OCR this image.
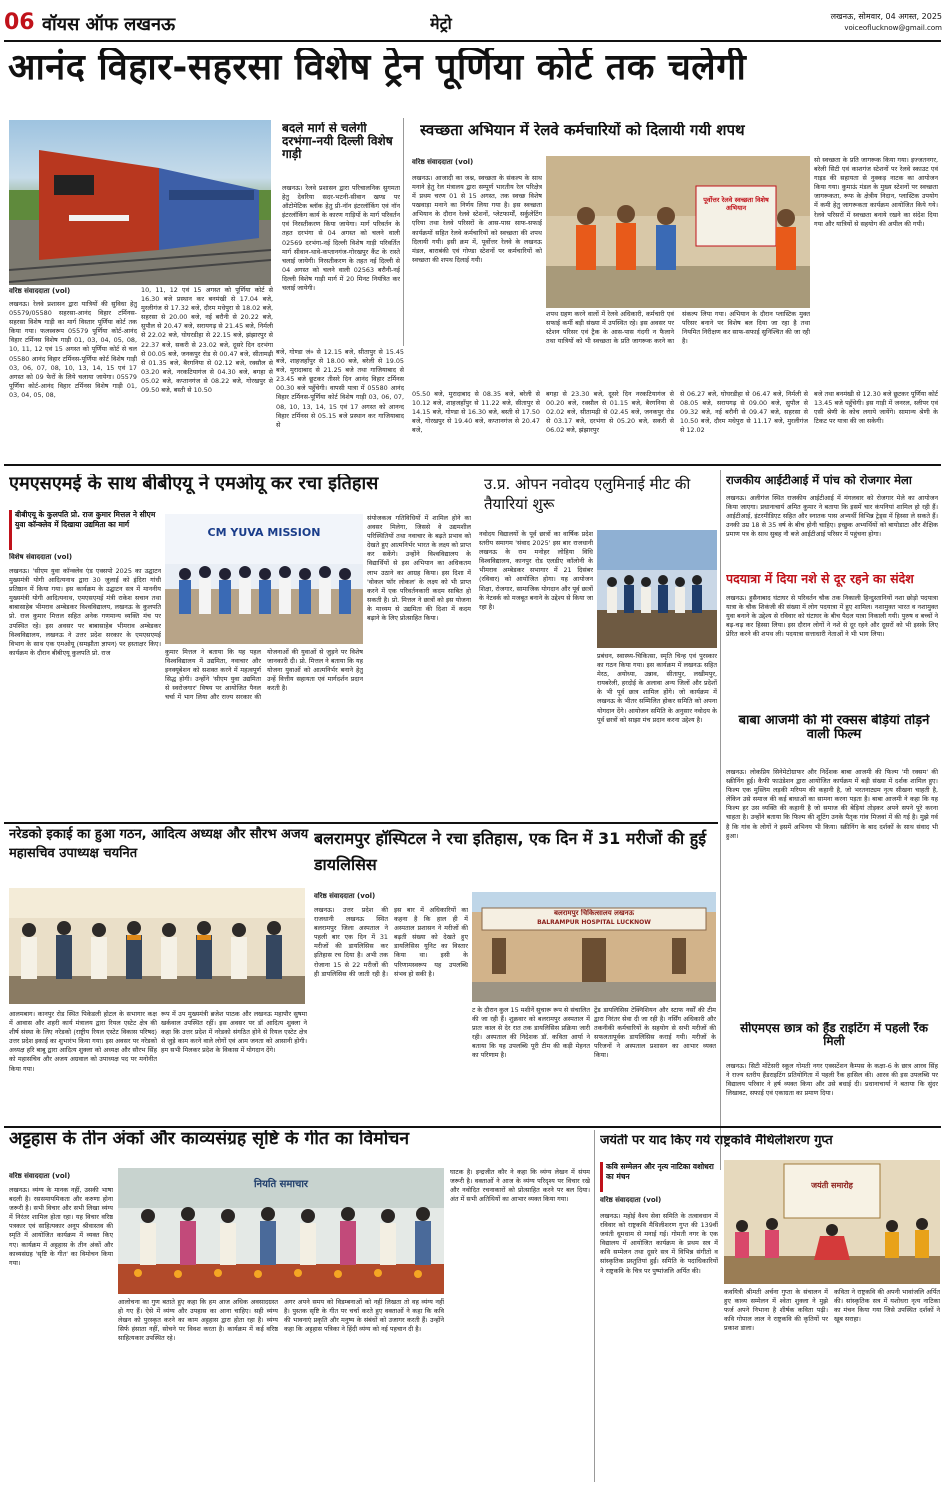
06 वॉयस ऑफ लखनऊ	मेट्रो	लखनऊ, सोमवार, 04 अगस्त, 2025
voiceoflucknow@gmail.com
आनंद विहार-सहरसा विशेष ट्रेन पूर्णिया कोर्ट तक चलेगी
वरिष्ठ संवाददाता (vol)
लखनऊ। रेलवे प्रशासन द्वारा यात्रियों की सुविधा हेतु 05579/05580 सहरसा-आनंद विहार टर्मिनस-सहरसा विशेष गाड़ी का मार्ग विस्तार पूर्णिया कोर्ट तक किया गया। फलस्वरूप 05579 पूर्णिया कोर्ट-आनंद विहार टर्मिनस विशेष गाड़ी 01, 03, 04, 05, 08, 10, 11, 12 एवं 15 अगस्त को पूर्णिया कोर्ट से चल 05580 आनंद विहार टर्मिनस-पूर्णिया कोर्ट विशेष गाड़ी 03, 06, 07, 08, 10, 13, 14, 15 एवं 17 अगस्त को 09 फेरों के लिये चलाया जायेगा। 05579 पूर्णिया कोर्ट-आनंद विहार टर्मिनस विशेष गाड़ी 01, 03, 04, 05, 08,
10, 11, 12 एवं 15 अगस्त को पूर्णिया कोर्ट से 16.30 बजे प्रस्थान कर बनमंखी से 17.04 बजे, मुरलीगंज से 17.32 बजे, दौरम मधेपुरा से 18.02 बजे, सहरसा से 20.00 बजे, नई बरौनी से 20.22 बजे, सुपौल से 20.47 बजे, सरायगढ़ से 21.45 बजे, निर्मली से 22.02 बजे, घोघरडीहा से 22.15 बजे, झंझारपुर से 22.37 बजे, सकरी से 23.02 बजे, दूसरे दिन दरभंगा से 00.05 बजे, जनकपुर रोड से 00.47 बजे, सीतामढ़ी से 01.35 बजे, बैरगनिया से 02.12 बजे, रक्सौल से 03.20 बजे, नरकटियागंज से 04.30 बजे, बगहा से 05.02 बजे, कप्तानगंज से 08.22 बजे, गोरखपुर से 09.50 बजे, बस्ती से 10.50
बदले मार्ग से चलेगी दरभंगा-नयी दिल्ली विशेष गाड़ी
लखनऊ। रेलवे प्रशासन द्वारा परिचालनिक सुगमता हेतु देवरिया सदर-भटनी-सीवान खण्ड पर ऑटोमेटिक ब्लॉक हेतु प्री-नॉन इंटरलॉकिंग एवं नॉन इंटरलॉकिंग कार्य के कारण गाड़ियों के मार्ग परिवर्तन एवं निरस्तीकरण किया जायेगा। मार्ग परिवर्तन के तहत दरभंगा से 04 अगस्त को चलने वाली 02569 दरभंगा-नई दिल्ली विशेष गाड़ी परिवर्तित मार्ग सीवान-थावे-कप्तानगंज-गोरखपुर कैंट के रास्ते चलाई जायेगी। निरस्तीकरण के तहत नई दिल्ली से 04 अगस्त को चलने वाली 02563 बरौनी-नई दिल्ली विशेष गाड़ी मार्ग में 20 मिनट नियंत्रित कर चलाई जायेगी।
बजे, गोण्डा जं० से 12.15 बजे, सीतापुर से 15.45 बजे, शाहजहाँपुर से 18.00 बजे, बरेली से 19.05 बजे, मुरादाबाद से 21.25 बजे तथा गाजियाबाद से 23.45 बजे छूटकर तीसरे दिन आनंद विहार टर्मिनस 00.30 बजे पहुँचेगी। वापसी यात्रा में 05580 आनंद विहार टर्मिनस-पूर्णिया कोर्ट विशेष गाड़ी 03, 06, 07, 08, 10, 13, 14, 15 एवं 17 अगस्त को आनन्द विहार टर्मिनस से 05.15 बजे प्रस्थान कर गाजियाबाद से
स्वच्छता अभियान में रेलवे कर्मचारियों को दिलायी गयी शपथ
वरिष्ठ संवाददाता (vol)
लखनऊ। आजादी का जश्न, स्वच्छता के संकल्प के साथ मनाने हेतु रेल मंत्रालय द्वारा सम्पूर्ण भारतीय रेल परिक्षेत्र में प्रथम चरण 01 से 15 अगस्त, तक स्वच्छ विशेष पखवाड़ा मनाने का निर्णय लिया गया है। इस स्वच्छता अभियान के दौरान रेलवे स्टेशनों, प्लेटफार्मों, सर्कुलेटिंग एरिया तथा रेलवे परिसरों के आस-पास साफ-सफाई कार्यक्रमों सहित रेलवे कर्मचारियों को स्वच्छता की शपथ दिलायी गयी। इसी क्रम में, पूर्वोत्तर रेलवे के लखनऊ मंडल, बाराबंकी एवं गोण्डा स्टेशनों पर कर्मचारियों को स्वच्छता की शपथ दिलाई गयी।
पूर्वोत्तर रेलवे स्वच्छता विशेष अभियान
शपथ ग्रहण करने वालों में रेलवे अधिकारी, कर्मचारी एवं सफाई कर्मी बड़ी संख्या में उपस्थित रहे। इस अवसर पर स्टेशन परिसर एवं ट्रैक के आस-पास गंदगी न फैलाने तथा यात्रियों को भी स्वच्छता के प्रति जागरूक करने का संकल्प लिया गया। अभियान के दौरान प्लास्टिक मुक्त परिसर बनाने पर विशेष बल दिया जा रहा है तथा नियमित निरीक्षण कर साफ-सफाई सुनिश्चित की जा रही है।
सो स्वच्छता के प्रति जागरूक किया गया। इज्जतनगर, बरेली सिटी एवं काशगंज स्टेशनों पर रेलवे स्काउट एवं गाइड की सहायता से नुक्कड़ नाटक का आयोजन किया गया। कुमाऊं मंडल के मुख्य स्टेशनों पर स्वच्छता जागरूकता, रूफ के क्षेत्रीय निदान, प्लास्टिक उपयोग में कमी हेतु जागरूकता कार्यक्रम आयोजित किये गये। रेलवे परिसरों में स्वच्छता बनाये रखने का संदेश दिया गया और यात्रियों से सहयोग की अपील की गयी।
05.50 बजे, मुरादाबाद से 08.35 बजे, बरेली से 10.12 बजे, शाहजहाँपुर से 11.22 बजे, सीतापुर से 14.15 बजे, गोण्डा से 16.30 बजे, बस्ती से 17.50 बजे, गोरखपुर से 19.40 बजे, कप्तानगंज से 20.47 बजे,
बगहा से 23.30 बजे, दूसरे दिन नरकटियागंज से 00.20 बजे, रक्सौल से 01.15 बजे, बैरगनिया से 02.02 बजे, सीतामढ़ी से 02.45 बजे, जनकपुर रोड से 03.17 बजे, दरभंगा से 05.20 बजे, सकरी से 06.02 बजे, झंझारपुर
से 06.27 बजे, घोघरडीहा से 06.47 बजे, निर्मली से 08.05 बजे, सरायगढ़ से 09.00 बजे, सुपौल से 09.32 बजे, नई बरौनी से 09.47 बजे, सहरसा से 10.50 बजे, दौरम मधेपुरा से 11.17 बजे, मुरलीगंज से 12.02
बजे तथा बनमंखी से 12.30 बजे छूटकर पूर्णिया कोर्ट 13.45 बजे पहुँचेगी। इस गाड़ी में जनरल, स्लीपर एवं एसी श्रेणी के कोच लगाये जायेंगे। सामान्य श्रेणी के टिकट पर यात्रा की जा सकेगी।
एमएसएमई के साथ बीबीएयू ने एमओयू कर रचा इतिहास
बीबीएयू के कुलपति प्रो. राज कुमार मित्तल ने सीएम युवा कॉन्क्लेव में दिखाया उद्यमिता का मार्ग
विशेष संवाददाता (vol)
लखनऊ। 'सीएम युवा कॉन्क्लेव एंड एक्सपो 2025 का उद्घाटन मुख्यमंत्री योगी आदित्यनाथ द्वारा 30 जुलाई को इंदिरा गांधी प्रतिष्ठान में किया गया। इस कार्यक्रम के उद्घाटन सत्र में माननीय मुख्यमंत्री योगी आदित्यनाथ, एमएसएमई मंत्री राकेश सचान तथा बाबासाहेब भीमराव अम्बेडकर विश्वविद्यालय, लखनऊ के कुलपति प्रो. राज कुमार मित्तल सहित अनेक गणमान्य व्यक्ति मंच पर उपस्थित रहे। इस अवसर पर बाबासाहेब भीमराव अम्बेडकर विश्वविद्यालय, लखनऊ ने उत्तर प्रदेश सरकार के एमएसएमई विभाग के साथ एक एमओयू (समझौता ज्ञापन) पर हस्ताक्षर किए। कार्यक्रम के दौरान बीबीएयू कुलपति प्रो. राज
CM YUVA MISSION
कुमार मित्तल ने बताया कि यह पहल विश्वविद्यालय में उद्यमिता, नवाचार और इनक्यूबेशन को सशक्त करने में महत्वपूर्ण सिद्ध होगी। उन्होंने 'सीएम युवा उद्यमिता से स्वरोजगार' विषय पर आयोजित पैनल चर्चा में भाग लिया और राज्य सरकार की योजनाओं की युवाओं से जुड़ने पर विशेष जानकारी दी। प्रो. मित्तल ने बताया कि यह योजना युवाओं को आत्मनिर्भर बनाने हेतु उन्हें वित्तीय सहायता एवं मार्गदर्शन प्रदान करती है।
संयोजकत्व गतिविधियों में शामिल होने का अवसर मिलेगा, जिससे वे उद्यमशील परिस्थितियों तथा नवाचार के बढ़ते प्रभाव को देखते हुए आत्मनिर्भर भारत के लक्ष्य को प्राप्त कर सकेंगे। उन्होंने विश्वविद्यालय के विद्यार्थियों से इस अभियान का अधिकतम लाभ उठाने का आग्रह किया। इस दिशा में 'वोकल फॉर लोकल' के लक्ष्य को भी प्राप्त करने में एक परिवर्तनकारी कदम साबित हो सकती है। प्रो. मित्तल ने छात्रों को इस योजना के माध्यम से उद्यमिता की दिशा में कदम बढ़ाने के लिए प्रोत्साहित किया।
उ.प्र. ओपन नवोदय एलुमिनाई मीट की तैयारियां शुरू
नवोदय विद्यालयों के पूर्व छात्रों का वार्षिक प्रदेश स्तरीय समागम 'संवाद 2025' इस बार राजधानी लखनऊ के राम मनोहर लोहिया विधि विश्वविद्यालय, कानपुर रोड एलडीए कॉलोनी के भीमराव अम्बेडकर सभागार में 21 दिसंबर (रविवार) को आयोजित होगा। यह आयोजन शिक्षा, रोजगार, सामाजिक योगदान और पूर्व छात्रों के नेटवर्क को मजबूत बनाने के उद्देश्य से किया जा रहा है।
प्रबंधन, स्वास्थ्य-चिकित्सा, स्मृति चिन्ह एवं पुरस्कार का गठन किया गया। इस कार्यक्रम में लखनऊ सहित मेरठ, अयोध्या, उन्नाव, सीतापुर, लखीमपुर, रायबरेली, हरदोई के अलावा अन्य जिलों और प्रदेशों के भी पूर्व छात्र शामिल होंगे। जो कार्यक्रम में लखनऊ के भीतर सम्मिलित होकर समिति को अपना योगदान देंगे। आयोजन समिति के अनुसार नवोदय के पूर्व छात्रों को साझा मंच प्रदान करना उद्देश्य है।
राजकीय आईटीआई में पांच को रोजगार मेला
लखनऊ। अलीगंज स्थित राजकीय आईटीआई में मंगलवार को रोजगार मेले का आयोजन किया जाएगा। प्रधानाचार्य अमित कुमार ने बताया कि इसमें चार कंपनियां शामिल हो रही हैं। आईटीआई, इंटरमीडिएट सहित और स्नातक पास अभ्यर्थी विभिन्न ट्रेड्स में हिस्सा ले सकते हैं। उनकी उम्र 18 से 35 वर्ष के बीच होनी चाहिए। इच्छुक अभ्यर्थियों को बायोडाटा और शैक्षिक प्रमाण पत्र के साथ सुबह नौ बजे आईटीआई परिसर में पहुंचना होगा।
पदयात्रा में दिया नशे से दूर रहने का संदेश
लखनऊ। हुसैनाबाद घंटाघर से परिवर्तन चौक तक निकाली हिन्दुस्तानियों नशा छोड़ो पदयात्रा यात्रा के चौक शिकंजी की संख्या में लोग पदयात्रा में हुए शामिल। नशामुक्त भारत व नशामुक्त युवा बनाने के उद्देश्य से रविवार को घंटाघर के बीच पैदल यात्रा निकाली गयी। पुरुष व बच्चों ने बढ़-चढ़ कर हिस्सा लिया। इस दौरान लोगों ने नशे से दूर रहने और दूसरों को भी इसके लिए प्रेरित करने की शपथ ली। पदयात्रा सत्ताधारी नेताओं ने भी भाग लिया।
बाबा आजमी की मी रक्सस बेड़ियां तोड़ने वाली फिल्म
लखनऊ। लोकप्रिय सिनेमेटोग्राफर और निर्देशक बाबा आजमी की फिल्म 'मी रक्सम' की स्क्रीनिंग हुई। कैफी फाउंडेशन द्वारा आयोजित कार्यक्रम में बड़ी संख्या में दर्शक शामिल हुए। फिल्म एक मुस्लिम लड़की मरियम की कहानी है, जो भरतनाट्यम नृत्य सीखना चाहती है, लेकिन उसे समाज की कई बाधाओं का सामना करना पड़ता है। बाबा आजमी ने कहा कि यह फिल्म हर उस व्यक्ति की कहानी है जो समाज की बेड़ियां तोड़कर अपने सपने पूरे करना चाहता है। उन्होंने बताया कि फिल्म की शूटिंग उनके पैतृक गांव मिजवां में की गई है। मुझे गर्व है कि गांव के लोगों ने इसमें अभिनय भी किया। स्क्रीनिंग के बाद दर्शकों के साथ संवाद भी हुआ।
सीएमएस छात्र को हैंड राइटिंग में पहली रैंक मिली
लखनऊ। सिटी मोंटेसरी स्कूल गोमती नगर एक्सटेंशन कैम्पस के कक्षा-6 के छात्र आरव सिंह ने राज्य स्तरीय हैंडराइटिंग प्रतियोगिता में पहली रैंक हासिल की। आरव की इस उपलब्धि पर विद्यालय परिवार ने हर्ष व्यक्त किया और उसे बधाई दी। प्रधानाचार्या ने बताया कि सुंदर लिखावट, सफाई एवं एकाग्रता का प्रमाण दिया।
नरेडको इकाई का हुआ गठन, आदित्य अध्यक्ष और सौरभ अजय महासचिव उपाध्यक्ष चयनित
आलमबाग। कानपुर रोड स्थित पिकेडली होटल के सभागार कक्ष में आवास और शहरी कार्य मंत्रालय द्वारा रियल एस्टेट क्षेत्र की शीर्ष संस्था के लिए नरेडको (राष्ट्रीय रियल एस्टेट विकास परिषद) उत्तर प्रदेश इकाई का शुभारंभ किया गया। इस अवसर पर नरेडको अध्यक्ष हरि बाबू द्वारा आदित्य शुक्ला को अध्यक्ष और सौरभ सिंह को महासचिव और अजय अग्रवाल को उपाध्यक्ष पद पर मनोनीत किया गया।
रूप में उप मुख्यमंत्री ब्रजेश पाठक और लखनऊ महापौर सुषमा खर्कवाल उपस्थित रहीं। इस अवसर पर डॉ आदित्य शुक्ला ने कहा कि उत्तर प्रदेश में नरेडको संगठित होने से रियल एस्टेट क्षेत्र से जुड़े काम करने वाले लोगों एवं आम जनता को आसानी होगी। हम सभी मिलकर प्रदेश के विकास में योगदान देंगे।
बलरामपुर हॉस्पिटल ने रचा इतिहास, एक दिन में 31 मरीजों की हुई डायलिसिस
वरिष्ठ संवाददाता (vol)
लखनऊ। उत्तर प्रदेश की राजधानी लखनऊ स्थित बलरामपुर जिला अस्पताल ने पहली बार एक दिन में 31 मरीजों की डायलिसिस कर इतिहास रच दिया है। अभी तक रोजाना 15 से 22 मरीजों की ही डायलिसिस की जाती रही है। इस बार में अधिकारियों का कहना है कि हाल ही में अस्पताल प्रशासन ने मरीजों की बढ़ती संख्या को देखते हुए डायलिसिस यूनिट का विस्तार किया था। इसी के परिणामस्वरूप यह उपलब्धि संभव हो सकी है।
बलरामपुर चिकित्सालय लखनऊ
BALRAMPUR HOSPITAL LUCKNOW
ट के दौरान कुल 15 मशीनें सुचारू रूप से संचालित की जा रही हैं। शुक्रवार को बलरामपुर अस्पताल में प्रातः काल से देर रात तक डायलिसिस प्रक्रिया जारी रही। अस्पताल की निदेशक डॉ. कविता आर्या ने बताया कि यह उपलब्धि पूरी टीम की कड़ी मेहनत का परिणाम है।
ट्रेंड डायलिसिस टेक्निशियन और स्टाफ नर्सों की टीम द्वारा निरंतर सेवा दी जा रही है। नर्सिंग अधिकारी और तकनीकी कर्मचारियों के सहयोग से सभी मरीजों की सफलतापूर्वक डायलिसिस कराई गयी। मरीजों के परिजनों ने अस्पताल प्रशासन का आभार व्यक्त किया।
अट्टहास के तीन अंकों और काव्यसंग्रह सृष्टि के गीत का विमोचन
वरिष्ठ संवाददाता (vol)
लखनऊ। व्यंग्य के मानक नहीं, उसकी भाषा बदली है। रससमायमिकता और करुणा होना जरूरी है। सभी विचार और सभी लिखा व्यंग्य में निरंतर शामिल होता रहा। यह विचार वरिष्ठ पत्रकार एवं साहित्यकार अनूप श्रीवास्तव की स्मृति में आयोजित कार्यक्रम में व्यक्त किए गए। कार्यक्रम में अट्टहास के तीन अंकों और काव्यसंग्रह 'सृष्टि के गीत' का विमोचन किया गया।
नियति समाचार
आलोचना का गुण बताते हुए कहा कि हम आज अधिक अवसादग्रस्त हो गए हैं। ऐसे में व्यंग्य और उपहास का आना चाहिए। सही व्यंग्य लेखन को पुरस्कृत करने का काम अट्टहास द्वारा होता रहा है। व्यंग्य सिर्फ हंसाता नहीं, सोचने पर विवश करता है। कार्यक्रम में कई वरिष्ठ साहित्यकार उपस्थित रहे।
अगर अपने समय को विडम्बनाओं को नहीं लिखता तो वह व्यंग्य नहीं है। पुस्तक सृष्टि के गीत पर चर्चा करते हुए वक्ताओं ने कहा कि कवि की भावनाएं प्रकृति और मनुष्य के संबंधों को उजागर करती हैं। उन्होंने कहा कि अट्टहास पत्रिका ने हिंदी व्यंग्य को नई पहचान दी है।
घाटक है। इन्द्रजीत कौर ने कहा कि व्यंग्य लेखन में संयम जरूरी है। वक्ताओं ने आज के व्यंग्य परिदृश्य पर विचार रखे और नवोदित रचनाकारों को प्रोत्साहित करने पर बल दिया। अंत में सभी अतिथियों का आभार व्यक्त किया गया।
जयंती पर याद किए गये राष्ट्रकवि मैथिलीशरण गुप्त
कवि सम्मेलन और नृत्य नाटिका वशोधरा का मंचन
वरिष्ठ संवाददाता (vol)
लखनऊ। महोई वैश्य सेवा समिति के तत्वावधान में रविवार को राष्ट्रकवि मैथिलीशरण गुप्त की 139वीं जयंती धूमधाम से मनाई गई। गोमती नगर के एक विद्यालय में आयोजित कार्यक्रम के प्रथम सत्र में कवि सम्मेलन तथा दूसरे सत्र में विभिन्न संगीतो व सांस्कृतिक प्रस्तुतियां हुईं। समिति के पदाधिकारियों ने राष्ट्रकवि के चित्र पर पुष्पांजलि अर्पित की।
जयंती समारोह
कवयित्री श्रीमती अर्चना गुप्ता के संचालन में हुए काव्य सम्मेलन में श्वेता शुक्ला ने मुझे फर्ज अपने निभाना है शीर्षक कविता पढ़ी। कवि गोपाल लाल ने राष्ट्रकवि की कृतियों पर प्रकाश डाला।
कविता ने राष्ट्रकवि की अपनी भावांजलि अर्पित की। सांस्कृतिक सत्र में यशोधरा नृत्य नाटिका का मंचन किया गया जिसे उपस्थित दर्शकों ने खूब सराहा।
